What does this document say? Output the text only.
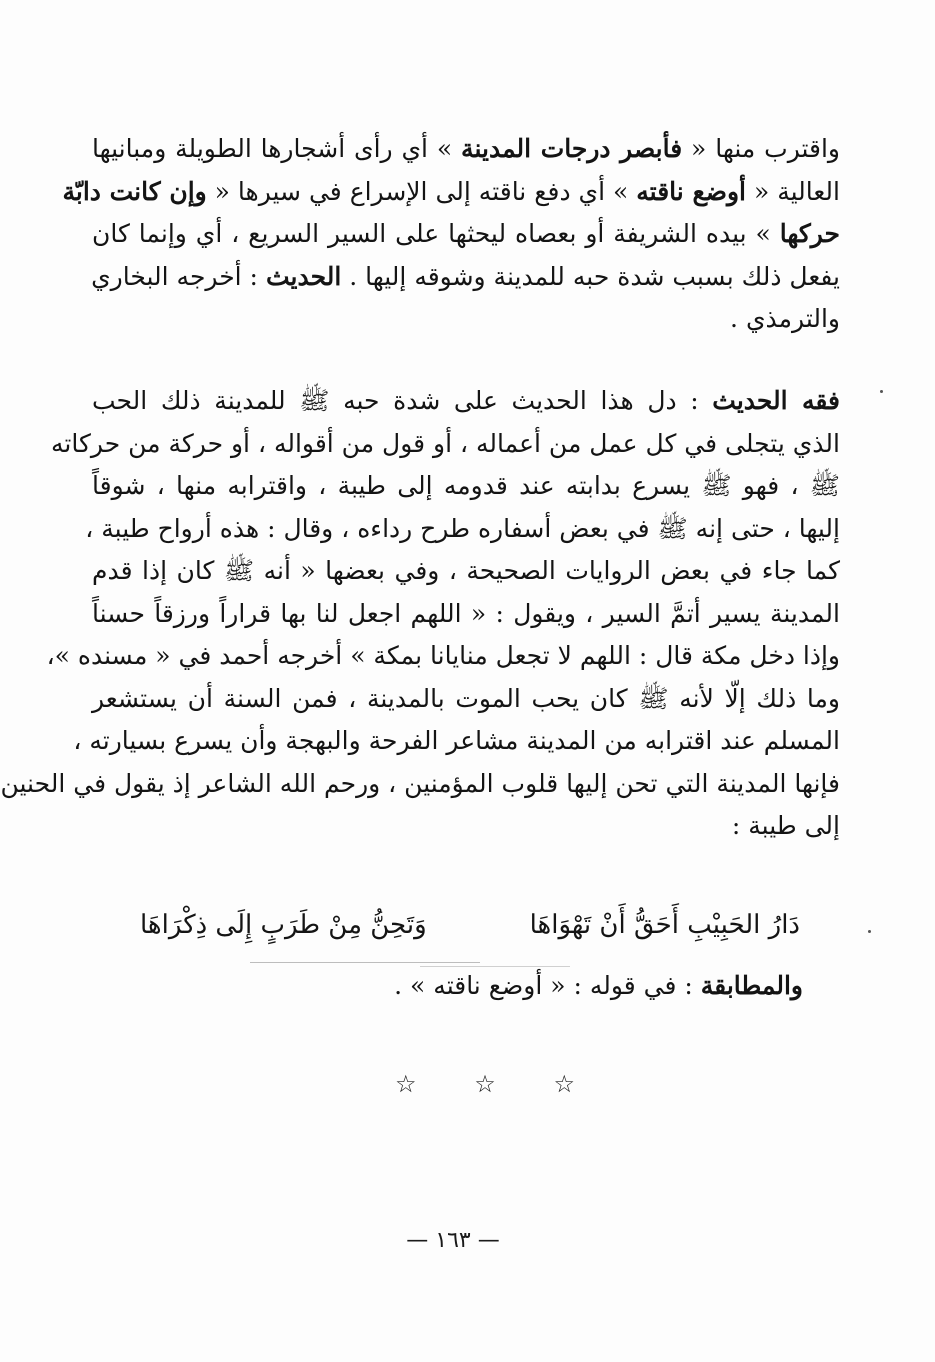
واقترب منها « فأبصر درجات المدينة » أي رأى أشجارها الطويلة ومبانيها
العالية « أوضع ناقته » أي دفع ناقته إلى الإسراع في سيرها « وإن كانت دابّة
حركها » بيده الشريفة أو بعصاه ليحثها على السير السريع ، أي وإنما كان
يفعل ذلك بسبب شدة حبه للمدينة وشوقه إليها . الحديث : أخرجه البخاري
والترمذي .
فقه الحديث : دل هذا الحديث على شدة حبه ﷺ للمدينة ذلك الحب
الذي يتجلى في كل عمل من أعماله ، أو قول من أقواله ، أو حركة من حركاته
ﷺ ، فهو ﷺ يسرع بدابته عند قدومه إلى طيبة ، واقترابه منها ، شوقاً
إليها ، حتى إنه ﷺ في بعض أسفاره طرح رداءه ، وقال : هذه أرواح طيبة ،
كما جاء في بعض الروايات الصحيحة ، وفي بعضها « أنه ﷺ كان إذا قدم
المدينة يسير أتمَّ السير ، ويقول : « اللهم اجعل لنا بها قراراً ورزقاً حسناً
وإذا دخل مكة قال : اللهم لا تجعل منايانا بمكة » أخرجه أحمد في « مسنده »،
وما ذلك إلّا لأنه ﷺ كان يحب الموت بالمدينة ، فمن السنة أن يستشعر
المسلم عند اقترابه من المدينة مشاعر الفرحة والبهجة وأن يسرع بسيارته ،
فإنها المدينة التي تحن إليها قلوب المؤمنين ، ورحم الله الشاعر إذ يقول في الحنين
إلى طيبة :
دَارُ الحَبِيْبِ أَحَقُّ أَنْ تَهْوَاهَا
وَتَحِنُّ مِنْ طَرَبٍ إِلَى ذِكْرَاهَا
والمطابقة : في قوله : « أوضع ناقته » .
☆ ☆ ☆
— ١٦٣ —
